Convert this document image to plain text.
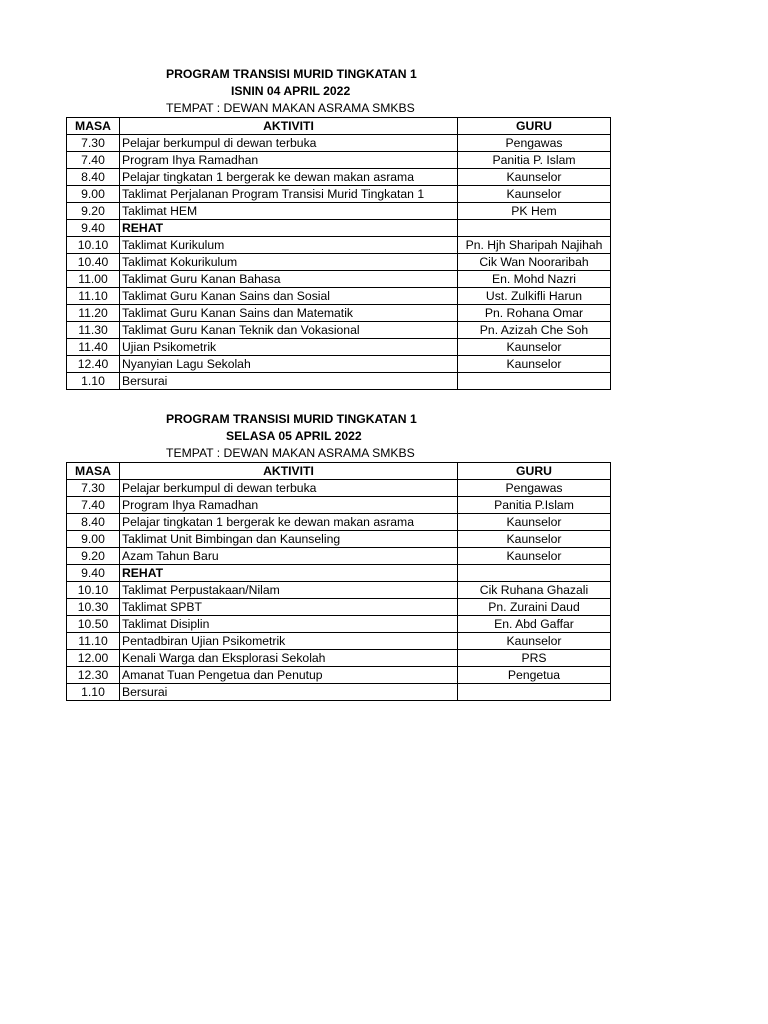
PROGRAM TRANSISI MURID TINGKATAN 1
ISNIN 04 APRIL 2022
TEMPAT : DEWAN MAKAN ASRAMA SMKBS
MASA	AKTIVITI	GURU
7.30	Pelajar berkumpul di dewan terbuka	Pengawas
7.40	Program Ihya Ramadhan	Panitia P. Islam
8.40	Pelajar tingkatan 1 bergerak ke dewan makan asrama	Kaunselor
9.00	Taklimat Perjalanan Program Transisi Murid Tingkatan 1	Kaunselor
9.20	Taklimat HEM	PK Hem
9.40	REHAT	
10.10	Taklimat Kurikulum	Pn. Hjh Sharipah Najihah
10.40	Taklimat Kokurikulum	Cik Wan Nooraribah
11.00	Taklimat Guru Kanan Bahasa	En. Mohd Nazri
11.10	Taklimat Guru Kanan Sains dan Sosial	Ust. Zulkifli Harun
11.20	Taklimat Guru Kanan Sains dan Matematik	Pn. Rohana Omar
11.30	Taklimat Guru Kanan Teknik dan Vokasional	Pn. Azizah Che Soh
11.40	Ujian Psikometrik	Kaunselor
12.40	Nyanyian Lagu Sekolah	Kaunselor
1.10	Bersurai	
PROGRAM TRANSISI MURID TINGKATAN 1
SELASA 05 APRIL 2022
TEMPAT : DEWAN MAKAN ASRAMA SMKBS
MASA	AKTIVITI	GURU
7.30	Pelajar berkumpul di dewan terbuka	Pengawas
7.40	Program Ihya Ramadhan	Panitia P.Islam
8.40	Pelajar tingkatan 1 bergerak ke dewan makan asrama	Kaunselor
9.00	Taklimat Unit Bimbingan dan Kaunseling	Kaunselor
9.20	Azam Tahun Baru	Kaunselor
9.40	REHAT	
10.10	Taklimat Perpustakaan/Nilam	Cik Ruhana Ghazali
10.30	Taklimat SPBT	Pn. Zuraini Daud
10.50	Taklimat Disiplin	En. Abd Gaffar
11.10	Pentadbiran Ujian Psikometrik	Kaunselor
12.00	Kenali Warga dan Eksplorasi Sekolah	PRS
12.30	Amanat Tuan Pengetua dan Penutup	Pengetua
1.10	Bersurai	
